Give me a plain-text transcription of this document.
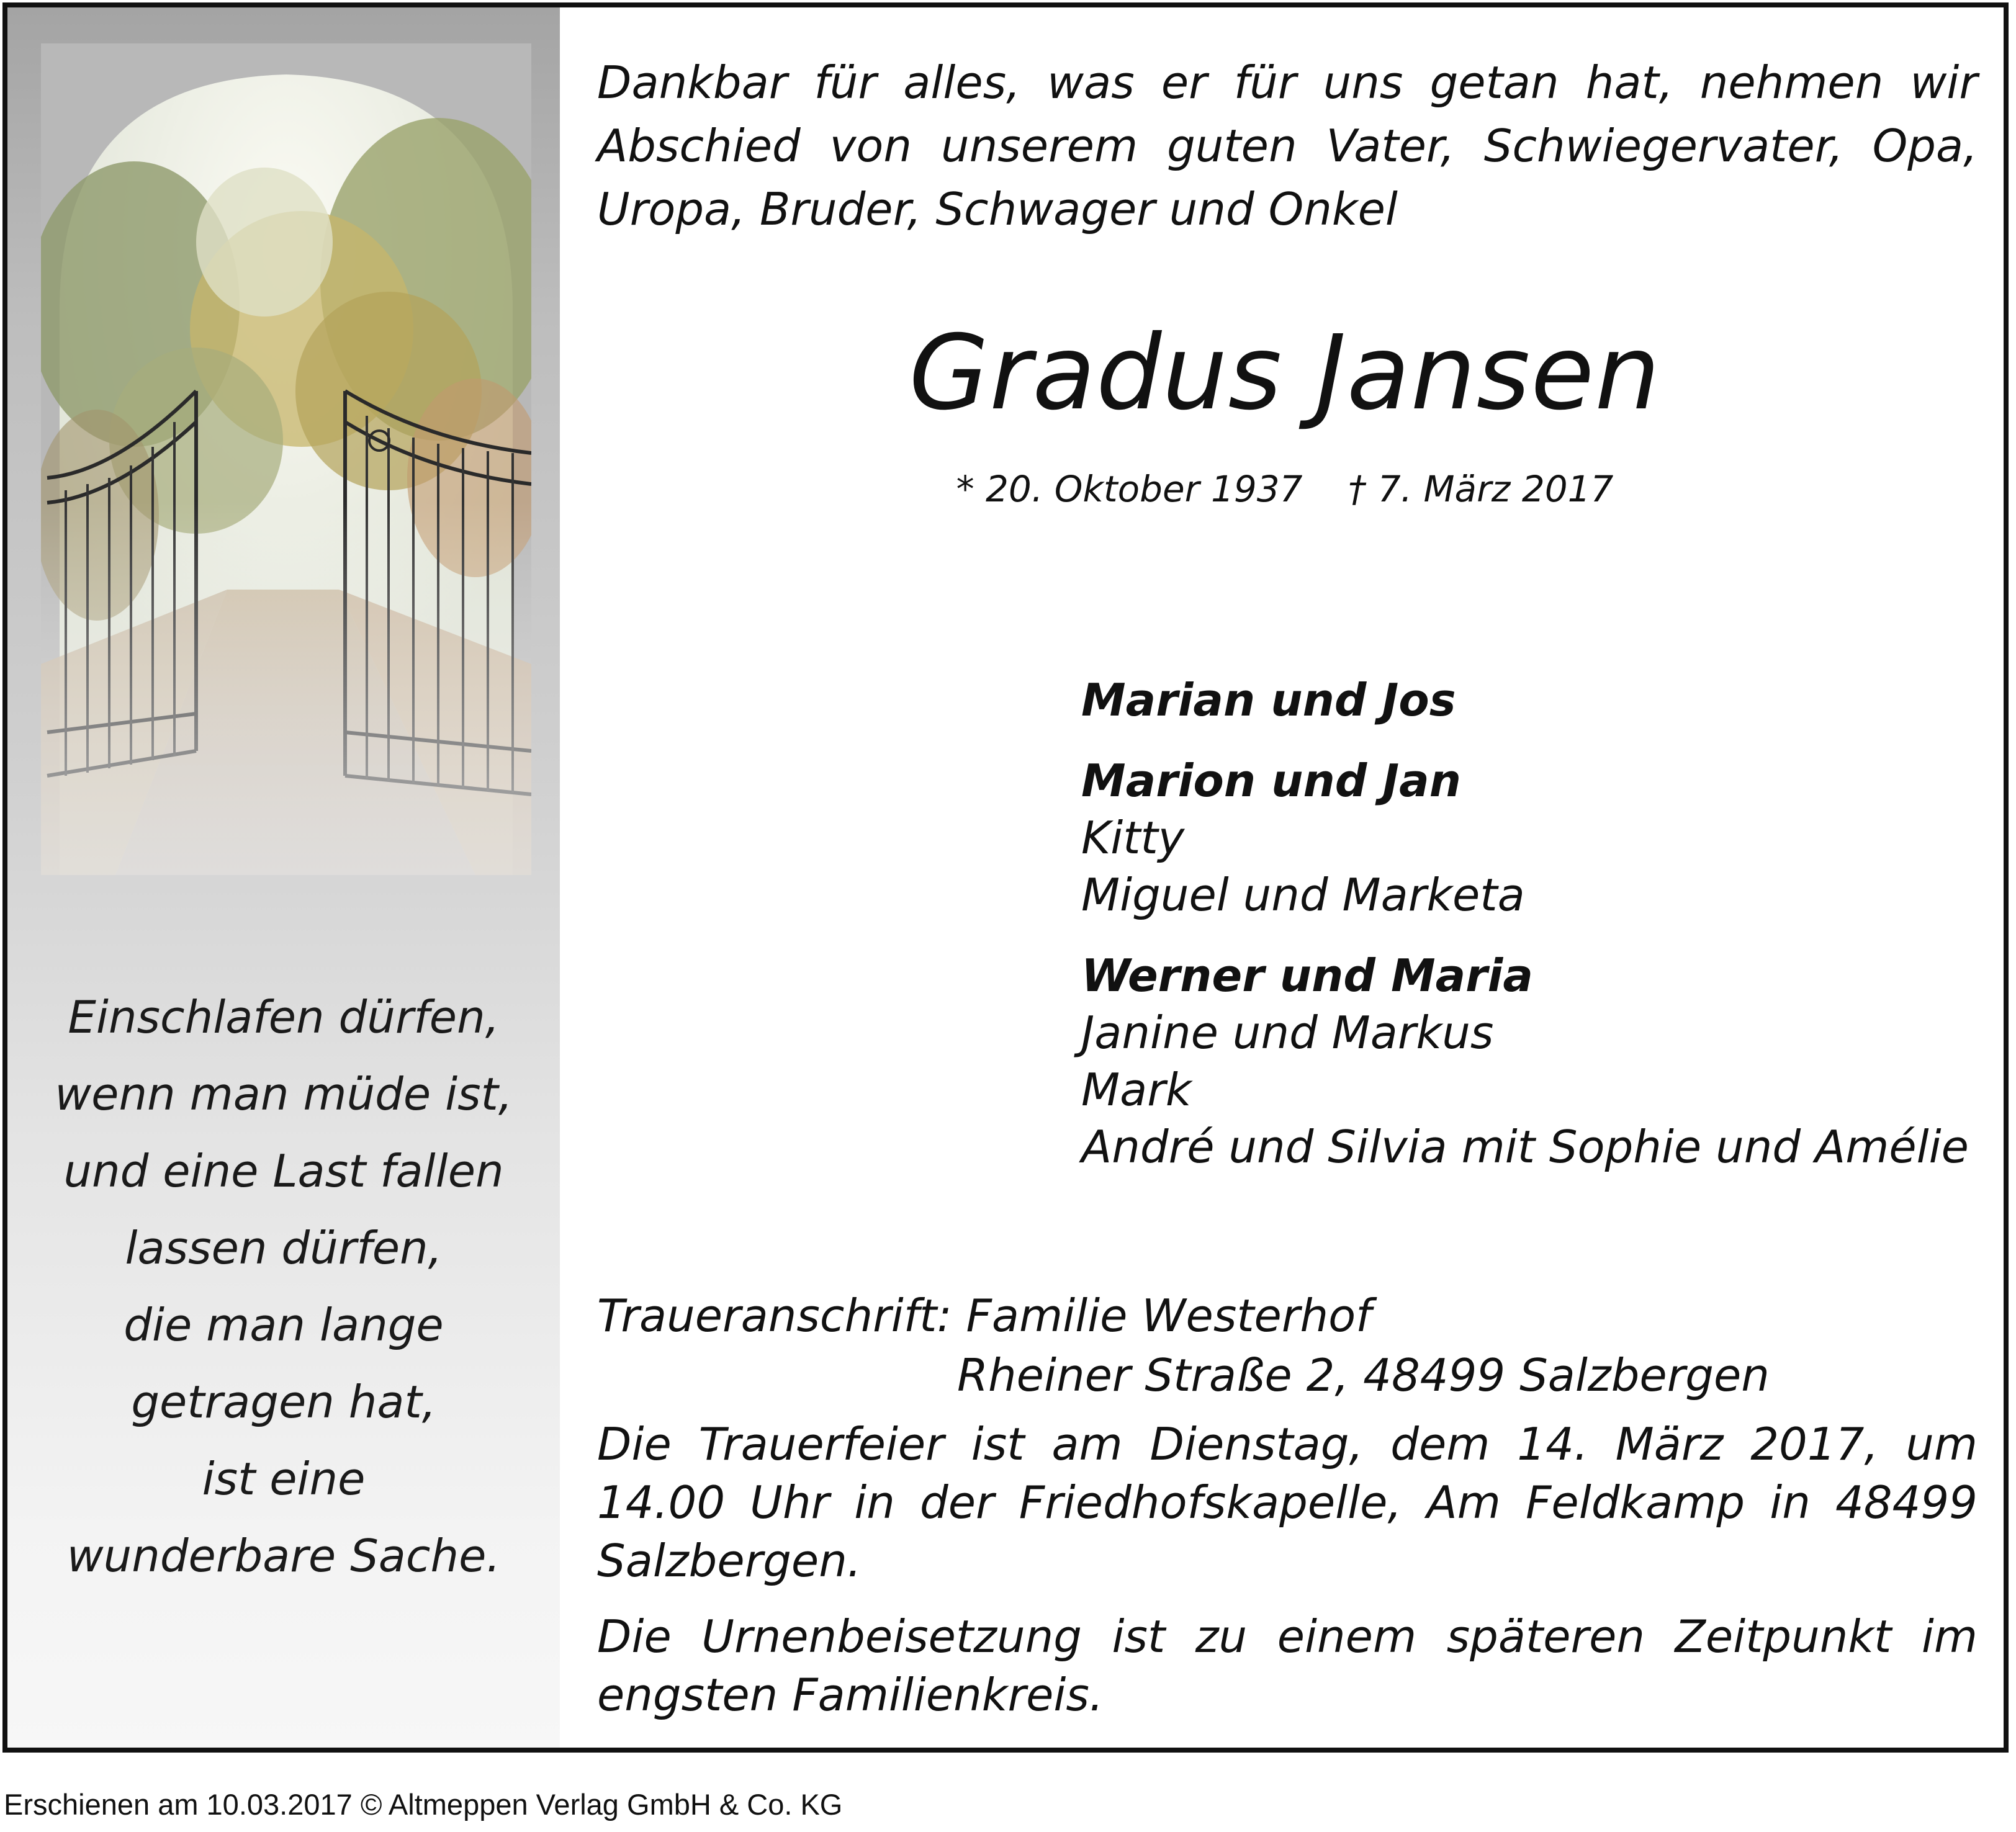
Einschlafen dürfen,
wenn man müde ist,
und eine Last fallen
lassen dürfen,
die man lange
getragen hat,
ist eine
wunderbare Sache.
Dankbar für alles, was er für uns getan hat, nehmen wir Abschied von unserem guten Vater, Schwiegervater, Opa, Uropa, Bruder, Schwager und Onkel
Gradus Jansen
* 20. Oktober 1937    † 7. März 2017
Marian und Jos
Marion und Jan
Kitty
Miguel und Marketa
Werner und Maria
Janine und Markus
Mark
André und Silvia mit Sophie und Amélie
Traueranschrift: Familie Westerhof
Rheiner Straße 2, 48499 Salzbergen
Die Trauerfeier ist am Dienstag, dem 14. März 2017, um 14.00 Uhr in der Friedhofskapelle, Am Feldkamp in 48499 Salzbergen.
Die Urnenbeisetzung ist zu einem späteren Zeitpunkt im engsten Familienkreis.
Erschienen am 10.03.2017 © Altmeppen Verlag GmbH & Co. KG
